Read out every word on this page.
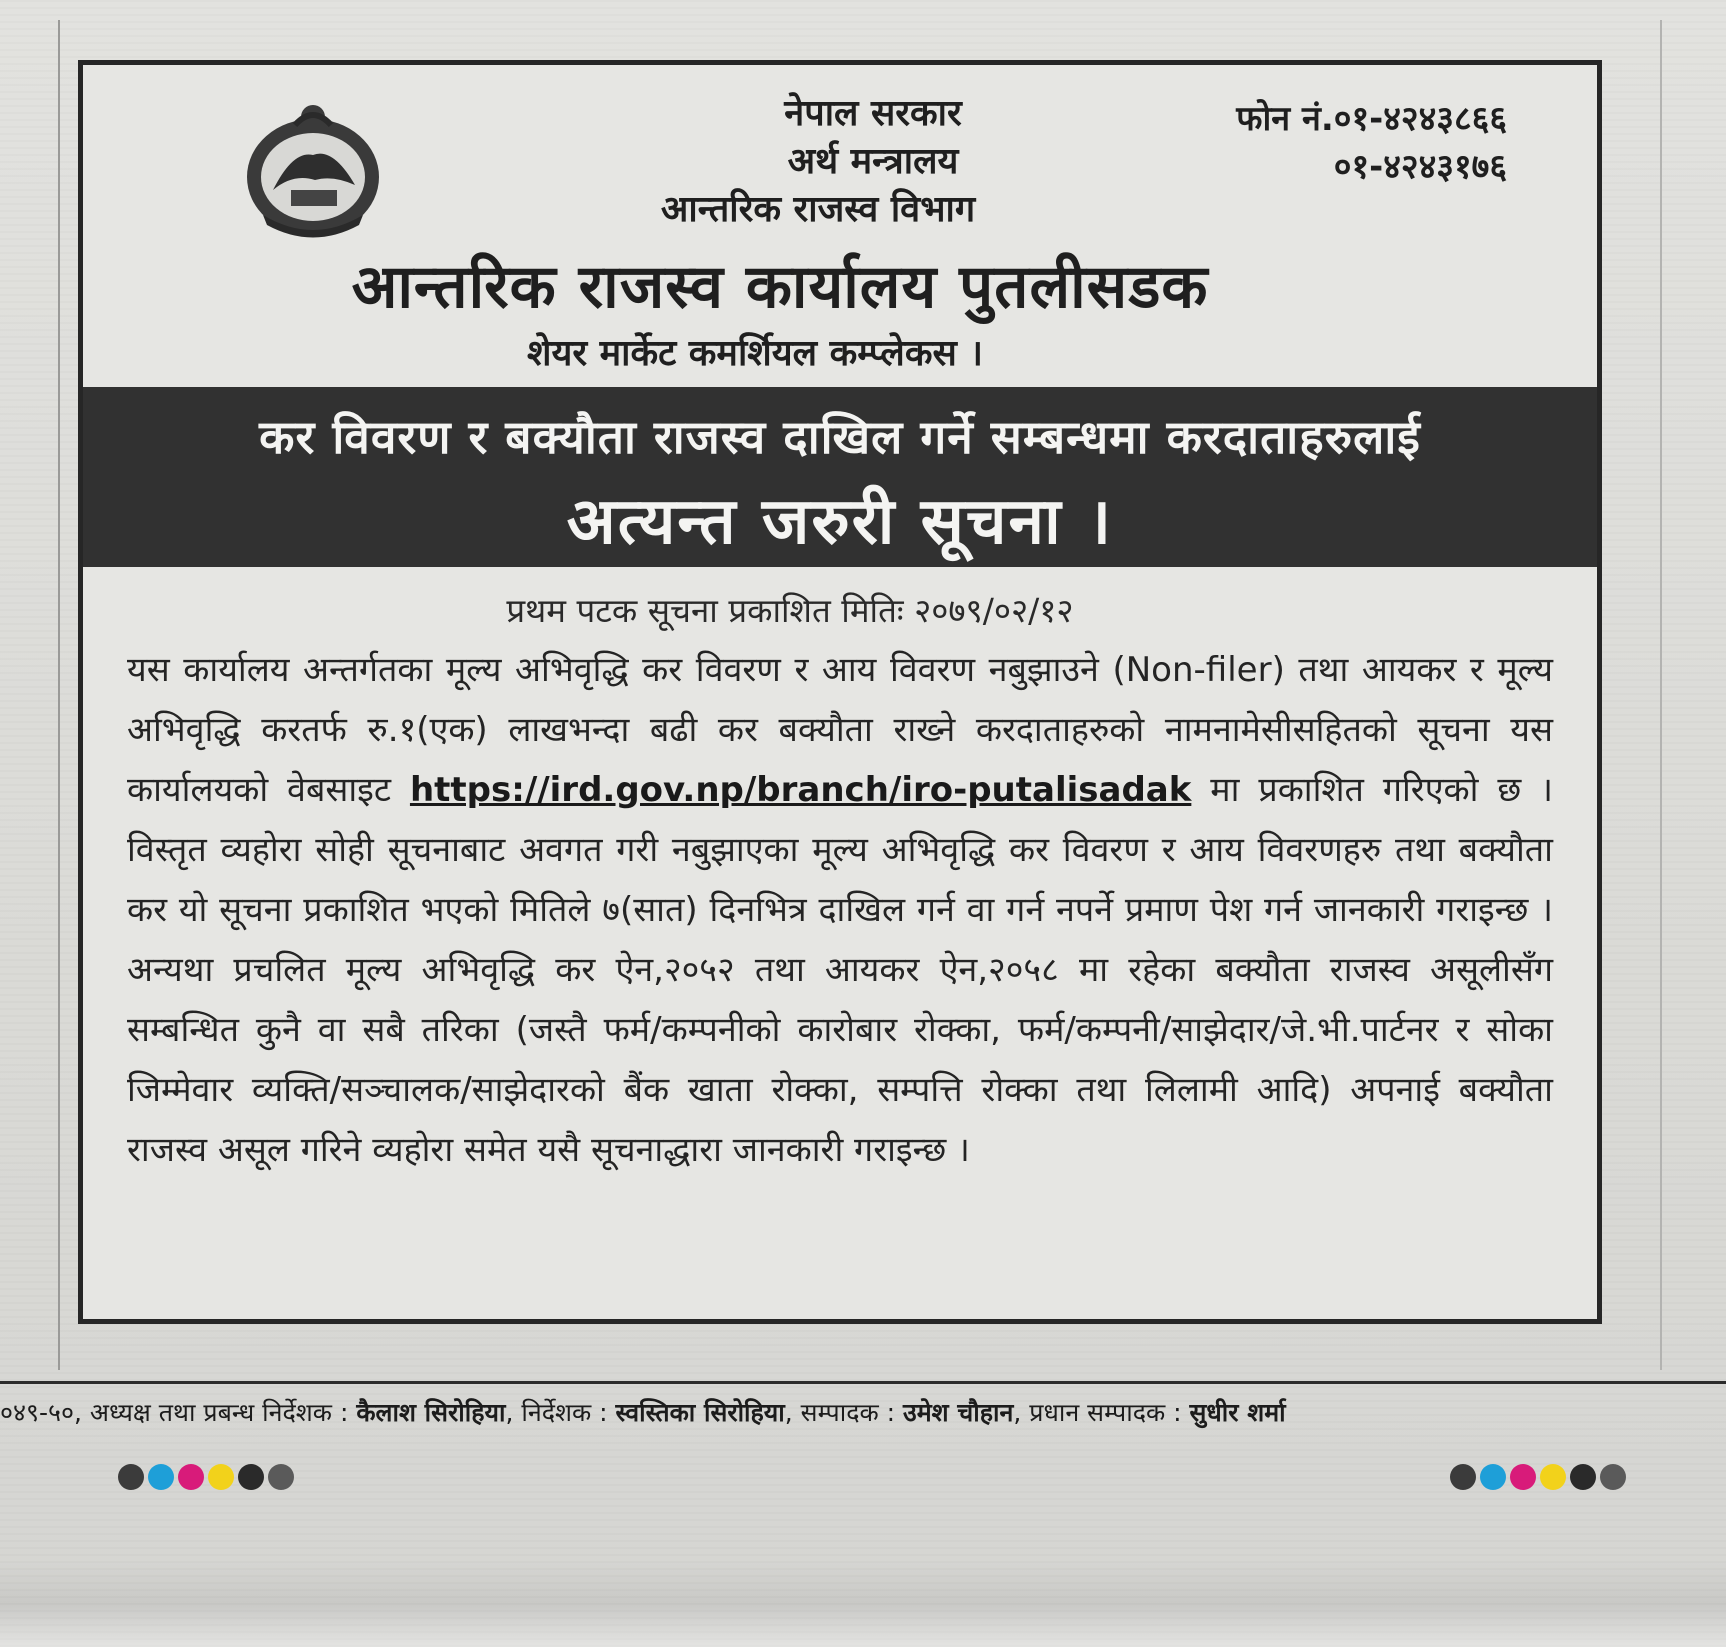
नेपाल सरकार
अर्थ मन्त्रालय
आन्तरिक राजस्व विभाग
फोन नं.०१-४२४३८६६
०१-४२४३१७६
आन्तरिक राजस्व कार्यालय पुतलीसडक
शेयर मार्केट कमर्शियल कम्प्लेकस ।
कर विवरण र बक्यौता राजस्व दाखिल गर्ने सम्बन्धमा करदाताहरुलाई
अत्यन्त जरुरी सूचना ।
प्रथम पटक सूचना प्रकाशित मितिः २०७९/०२/१२

यस कार्यालय अन्तर्गतका मूल्य अभिवृद्धि कर विवरण र आय विवरण नबुझाउने (Non-filer) तथा आयकर र मूल्य अभिवृद्धि करतर्फ रु.१(एक) लाखभन्दा बढी कर बक्यौता राख्ने करदाताहरुको नामनामेसीसहितको सूचना यस कार्यालयको वेबसाइट https://ird.gov.np/branch/iro-putalisadak मा प्रकाशित गरिएको छ । विस्तृत व्यहोरा सोही सूचनाबाट अवगत गरी नबुझाएका मूल्य अभिवृद्धि कर विवरण र आय विवरणहरु तथा बक्यौता कर यो सूचना प्रकाशित भएको मितिले ७(सात) दिनभित्र दाखिल गर्न वा गर्न नपर्ने प्रमाण पेश गर्न जानकारी गराइन्छ । अन्यथा प्रचलित मूल्य अभिवृद्धि कर ऐन,२०५२ तथा आयकर ऐन,२०५८ मा रहेका बक्यौता राजस्व असूलीसँग सम्बन्धित कुनै वा सबै तरिका (जस्तै फर्म/कम्पनीको कारोबार रोक्का, फर्म/कम्पनी/साझेदार/जे.भी.पार्टनर र सोका जिम्मेवार व्यक्ति/सञ्चालक/साझेदारको बैंक खाता रोक्का, सम्पत्ति रोक्का तथा लिलामी आदि) अपनाई बक्यौता राजस्व असूल गरिने व्यहोरा समेत यसै सूचनाद्धारा जानकारी गराइन्छ ।

०४९-५०, अध्यक्ष तथा प्रबन्ध निर्देशक : कैलाश सिरोहिया, निर्देशक : स्वस्तिका सिरोहिया, सम्पादक : उमेश चौहान, प्रधान सम्पादक : सुधीर शर्मा
